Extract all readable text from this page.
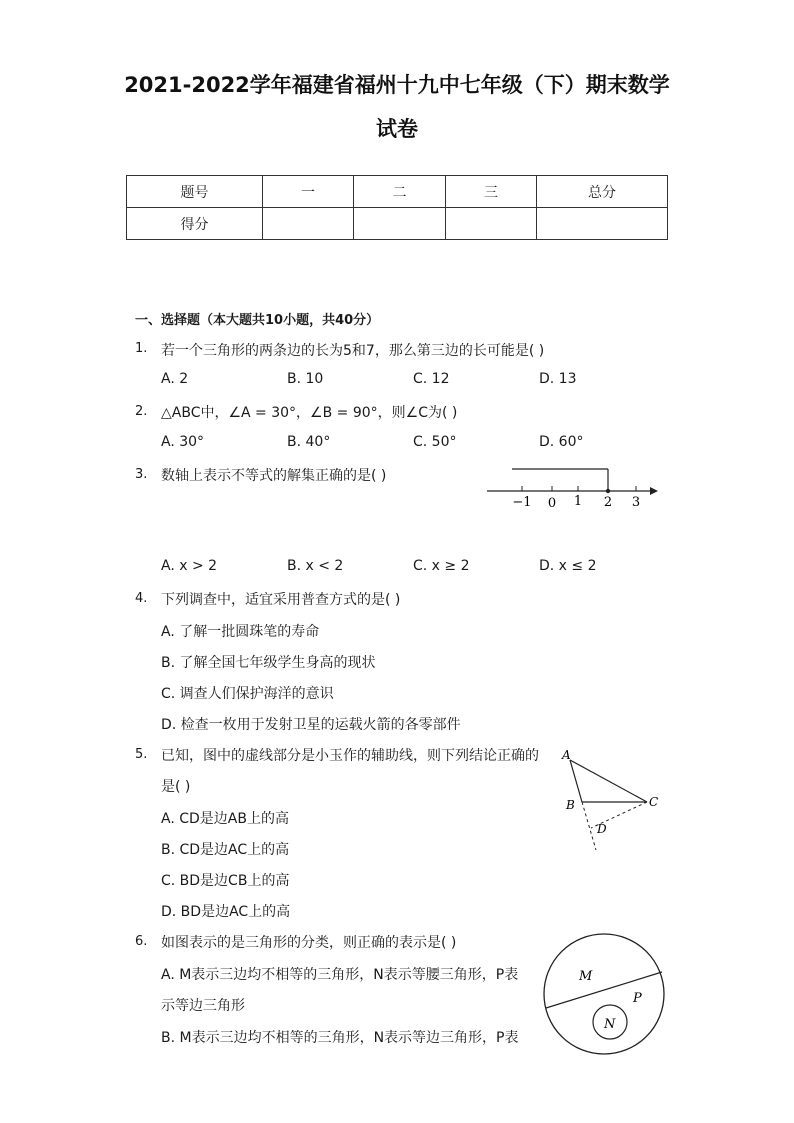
2021-2022学年福建省福州十九中七年级（下）期末数学
试卷
题号	一	二	三	总分
得分				
一、选择题（本大题共10小题，共40分）
1. 若一个三角形的两条边的长为5和7，那么第三边的长可能是( )
A. 2	B. 10	C. 12	D. 13
2. △ABC中，∠A = 30°，∠B = 90°，则∠C为( )
A. 30°	B. 40°	C. 50°	D. 60°
3. 数轴上表示不等式的解集正确的是( )
−1 0 1 2 3
A. x > 2	B. x < 2	C. x ≥ 2	D. x ≤ 2
4. 下列调查中，适宜采用普查方式的是( )
A. 了解一批圆珠笔的寿命
B. 了解全国七年级学生身高的现状
C. 调查人们保护海洋的意识
D. 检查一枚用于发射卫星的运载火箭的各零部件
5. 已知，图中的虚线部分是小玉作的辅助线，则下列结论正确的
是( )
A. CD是边AB上的高
B. CD是边AC上的高
C. BD是边CB上的高
D. BD是边AC上的高
A
B	C
D
6. 如图表示的是三角形的分类，则正确的表示是( )
A. M表示三边均不相等的三角形，N表示等腰三角形，P表
示等边三角形
B. M表示三边均不相等的三角形，N表示等边三角形，P表
M
N
P
